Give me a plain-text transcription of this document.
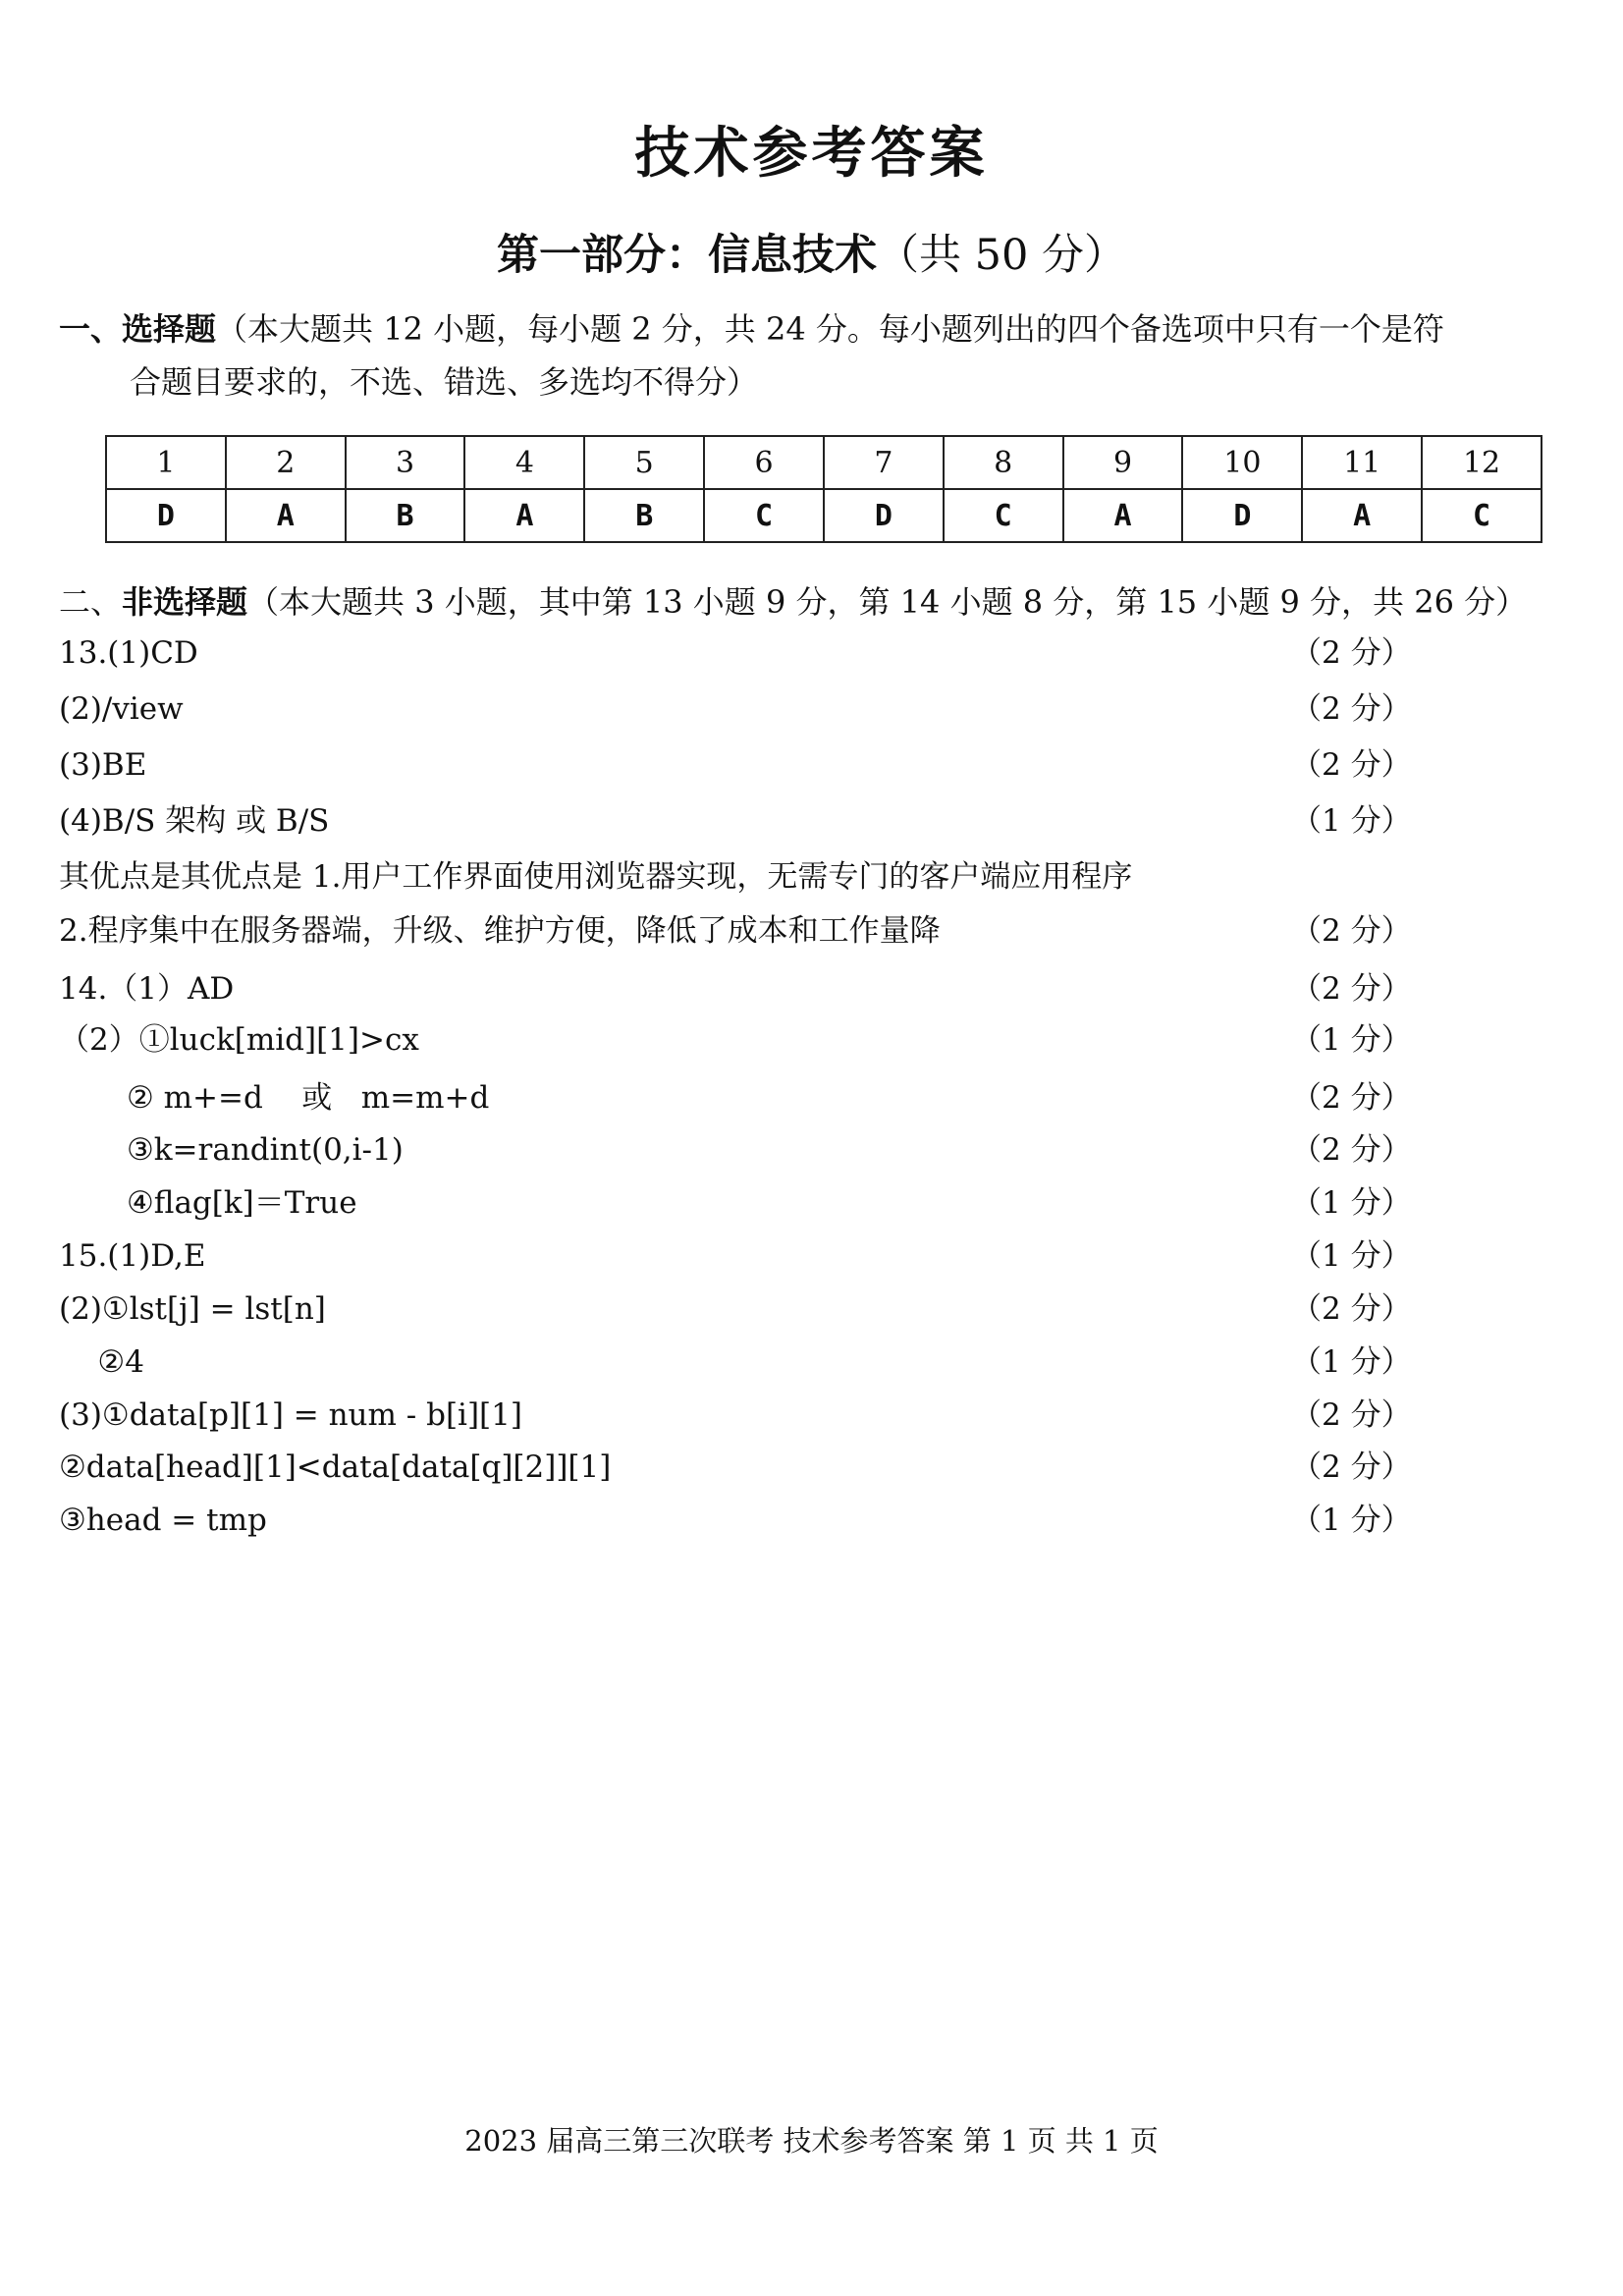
技术参考答案
第一部分：信息技术（共 50 分）
一、选择题（本大题共 12 小题，每小题 2 分，共 24 分。每小题列出的四个备选项中只有一个是符
合题目要求的，不选、错选、多选均不得分）
1	2	3	4	5	6	7	8	9	10	11	12
D	A	B	A	B	C	D	C	A	D	A	C
二、非选择题（本大题共 3 小题，其中第 13 小题 9 分，第 14 小题 8 分，第 15 小题 9 分，共 26 分）
13.(1)CD	（2 分）
(2)/view	（2 分）
(3)BE	（2 分）
(4)B/S 架构 或 B/S	（1 分）
其优点是其优点是 1.用户工作界面使用浏览器实现，无需专门的客户端应用程序
2.程序集中在服务器端，升级、维护方便，降低了成本和工作量降	（2 分）
14.（1）AD	（2 分）
（2）①luck[mid][1]>cx	（1 分）
② m+=d    或   m=m+d	（2 分）
③k=randint(0,i-1)	（2 分）
④flag[k]＝True	（1 分）
15.(1)D,E	（1 分）
(2)①lst[j] = lst[n]	（2 分）
②4	（1 分）
(3)①data[p][1] = num - b[i][1]	（2 分）
②data[head][1]<data[data[q][2]][1]	（2 分）
③head = tmp	（1 分）
2023 届高三第三次联考 技术参考答案 第 1 页 共 1 页
